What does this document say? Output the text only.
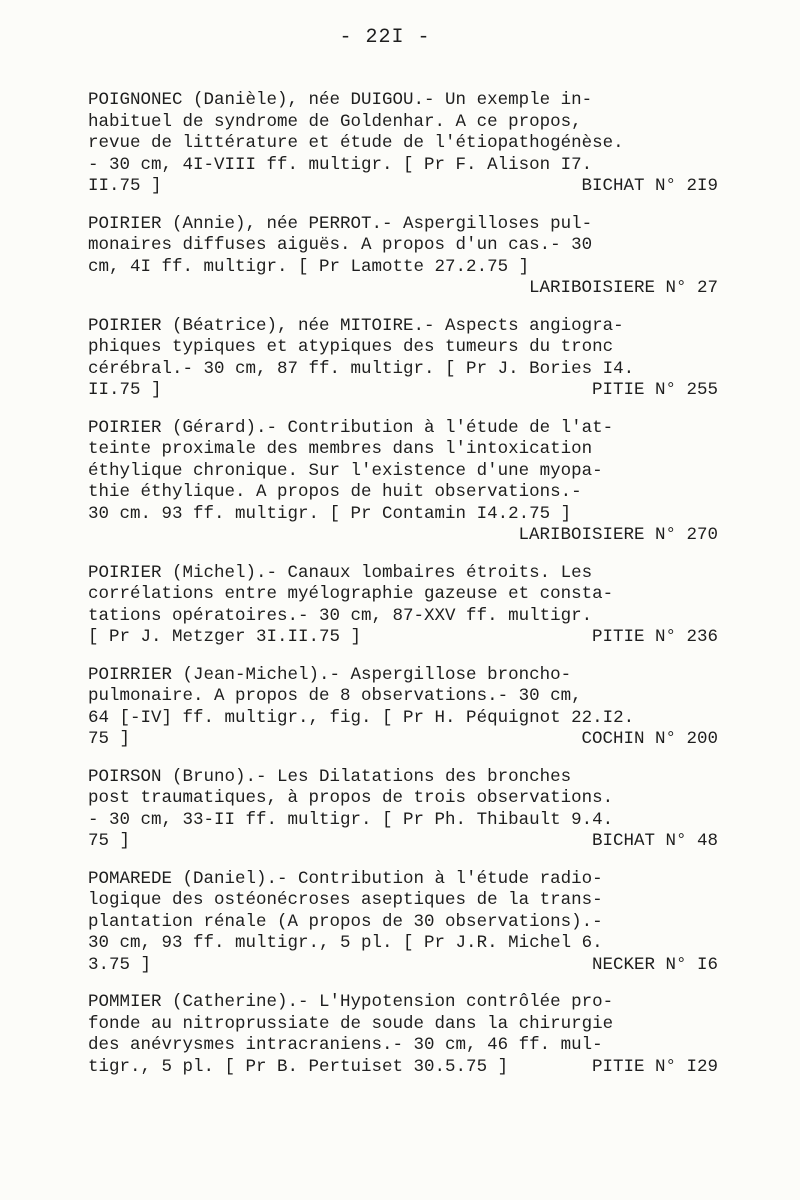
- 22I -
POIGNONEC (Danièle), née DUIGOU.- Un exemple in-
habituel de syndrome de Goldenhar. A ce propos,
revue de littérature et étude de l'étiopathogénèse.
- 30 cm, 4I-VIII ff. multigr. [ Pr F. Alison I7.
II.75 ]	BICHAT N° 2I9
POIRIER (Annie), née PERROT.- Aspergilloses pul-
monaires diffuses aiguës. A propos d'un cas.- 30
cm, 4I ff. multigr. [ Pr Lamotte 27.2.75 ]
LARIBOISIERE N° 27
POIRIER (Béatrice), née MITOIRE.- Aspects angiogra-
phiques typiques et atypiques des tumeurs du tronc
cérébral.- 30 cm, 87 ff. multigr. [ Pr J. Bories I4.
II.75 ]	PITIE N° 255
POIRIER (Gérard).- Contribution à l'étude de l'at-
teinte proximale des membres dans l'intoxication
éthylique chronique. Sur l'existence d'une myopa-
thie éthylique. A propos de huit observations.-
30 cm. 93 ff. multigr. [ Pr Contamin I4.2.75 ]
LARIBOISIERE N° 270
POIRIER (Michel).- Canaux lombaires étroits. Les
corrélations entre myélographie gazeuse et consta-
tations opératoires.- 30 cm, 87-XXV ff. multigr.
[ Pr J. Metzger 3I.II.75 ]	PITIE N° 236
POIRRIER (Jean-Michel).- Aspergillose broncho-
pulmonaire. A propos de 8 observations.- 30 cm,
64 [-IV] ff. multigr., fig. [ Pr H. Péquignot 22.I2.
75 ]	COCHIN N° 200
POIRSON (Bruno).- Les Dilatations des bronches
post traumatiques, à propos de trois observations.
- 30 cm, 33-II ff. multigr. [ Pr Ph. Thibault 9.4.
75 ]	BICHAT N° 48
POMAREDE (Daniel).- Contribution à l'étude radio-
logique des ostéonécroses aseptiques de la trans-
plantation rénale (A propos de 30 observations).-
30 cm, 93 ff. multigr., 5 pl. [ Pr J.R. Michel 6.
3.75 ]	NECKER N° I6
POMMIER (Catherine).- L'Hypotension contrôlée pro-
fonde au nitroprussiate de soude dans la chirurgie
des anévrysmes intracraniens.- 30 cm, 46 ff. mul-
tigr., 5 pl. [ Pr B. Pertuiset 30.5.75 ]	PITIE N° I29
